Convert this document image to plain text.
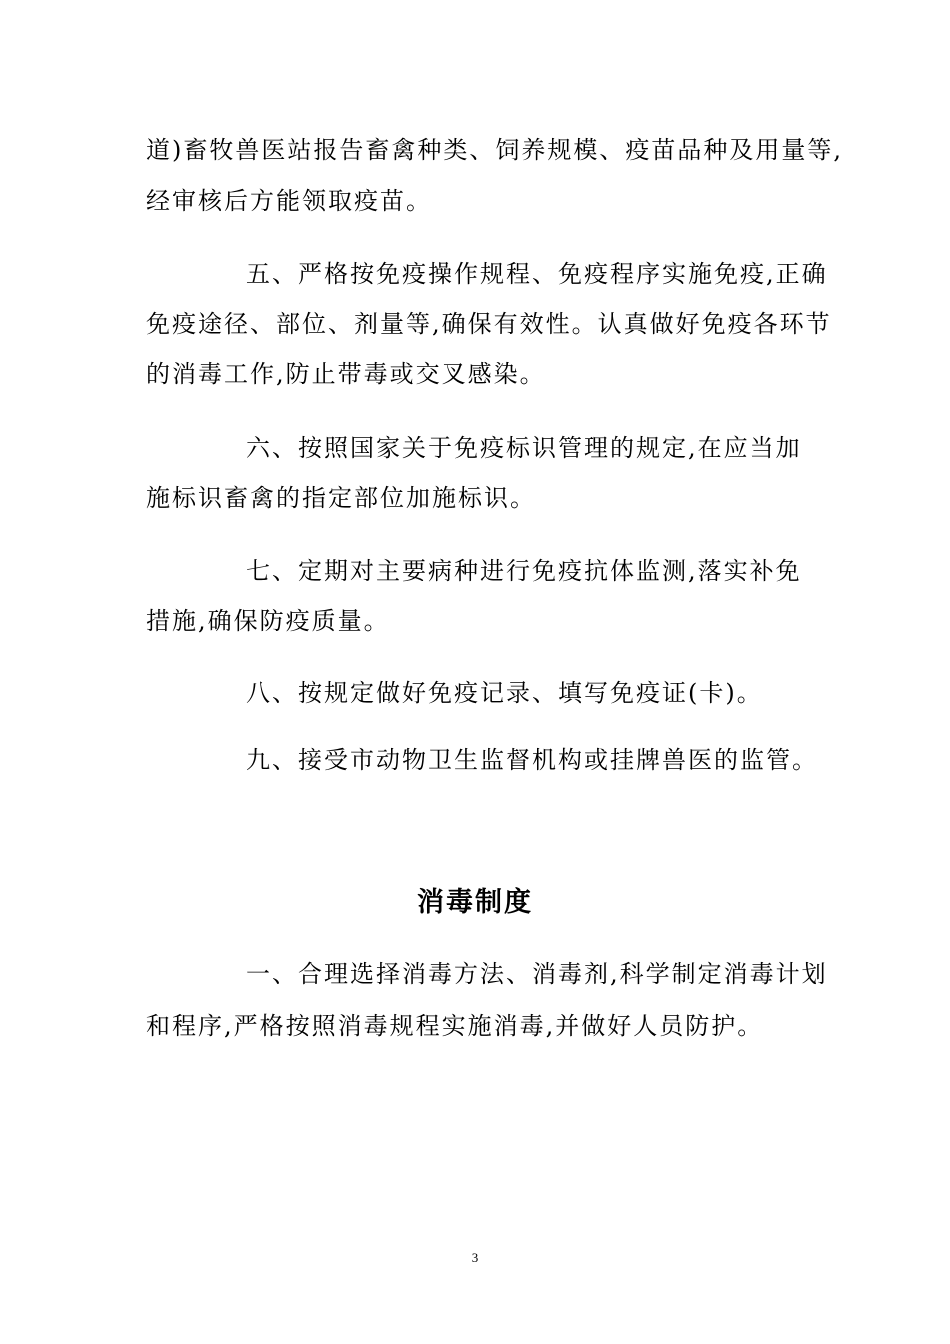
道)畜牧兽医站报告畜禽种类、饲养规模、疫苗品种及用量等,
经审核后方能领取疫苗。
五、严格按免疫操作规程、免疫程序实施免疫,正确
免疫途径、部位、剂量等,确保有效性。认真做好免疫各环节
的消毒工作,防止带毒或交叉感染。
六、按照国家关于免疫标识管理的规定,在应当加
施标识畜禽的指定部位加施标识。
七、定期对主要病种进行免疫抗体监测,落实补免
措施,确保防疫质量。
八、按规定做好免疫记录、填写免疫证(卡)。
九、接受市动物卫生监督机构或挂牌兽医的监管。
消毒制度
一、合理选择消毒方法、消毒剂,科学制定消毒计划
和程序,严格按照消毒规程实施消毒,并做好人员防护。
3
